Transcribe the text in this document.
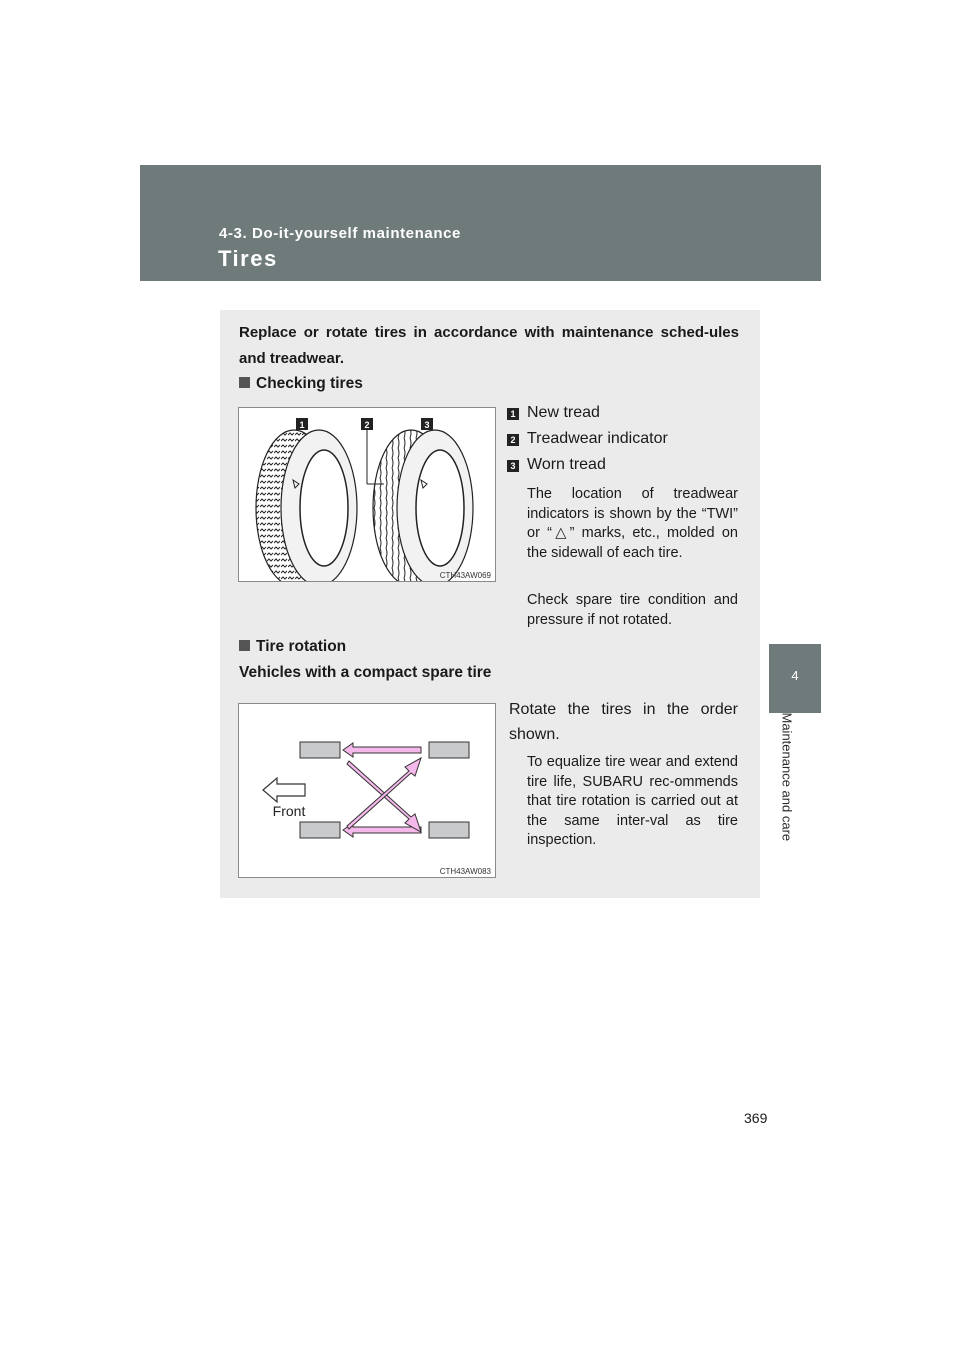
4-3. Do-it-yourself maintenance
Tires
4
Maintenance and care
Replace or rotate tires in accordance with maintenance sched-ules and treadwear.
Checking tires
1	2	3
CTH43AW069
1 New tread
2 Treadwear indicator
3 Worn tread
The location of treadwear indicators is shown by the “TWI” or “△” marks, etc., molded on the sidewall of each tire.
Check spare tire condition and pressure if not rotated.
Tire rotation
Vehicles with a compact spare tire
Front
CTH43AW083
Rotate the tires in the order shown.
To equalize tire wear and extend tire life, SUBARU rec-ommends that tire rotation is carried out at the same inter-val as tire inspection.
369
